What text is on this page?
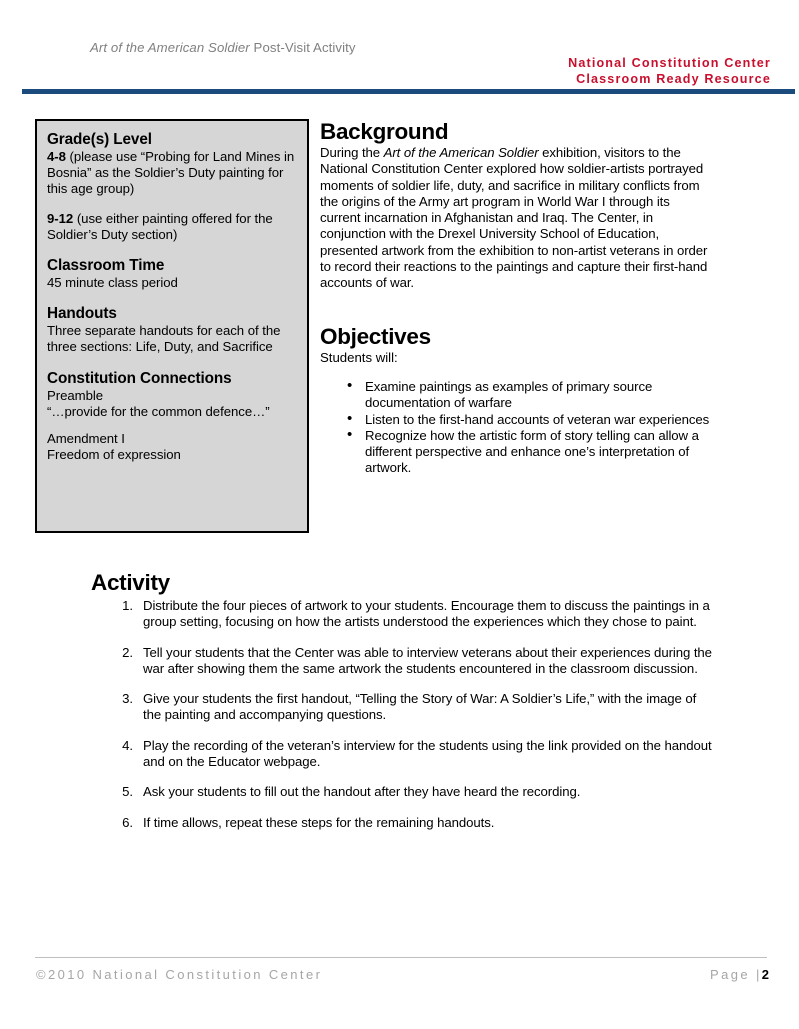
Art of the American Soldier Post-Visit Activity
National Constitution Center
Classroom Ready Resource
Grade(s) Level

4-8 (please use “Probing for Land Mines in Bosnia” as the Soldier’s Duty painting for this age group)

9-12 (use either painting offered for the Soldier’s Duty section)

Classroom Time

45 minute class period

Handouts

Three separate handouts for each of the three sections: Life, Duty, and Sacrifice

Constitution Connections

Preamble

“…provide for the common defence…”

Amendment I

Freedom of expression

Background

During the Art of the American Soldier exhibition, visitors to the National Constitution Center explored how soldier-artists portrayed moments of soldier life, duty, and sacrifice in military conflicts from the origins of the Army art program in World War I through its current incarnation in Afghanistan and Iraq. The Center, in conjunction with the Drexel University School of Education, presented artwork from the exhibition to non-artist veterans in order to record their reactions to the paintings and capture their first-hand accounts of war.

Objectives

Students will:

• Examine paintings as examples of primary source documentation of warfare
• Listen to the first-hand accounts of veteran war experiences
• Recognize how the artistic form of story telling can allow a different perspective and enhance one’s interpretation of artwork.
Activity
1. Distribute the four pieces of artwork to your students. Encourage them to discuss the paintings in a group setting, focusing on how the artists understood the experiences which they chose to paint.
2. Tell your students that the Center was able to interview veterans about their experiences during the war after showing them the same artwork the students encountered in the classroom discussion.
3. Give your students the first handout, “Telling the Story of War: A Soldier’s Life,” with the image of the painting and accompanying questions.
4. Play the recording of the veteran’s interview for the students using the link provided on the handout and on the Educator webpage.
5. Ask your students to fill out the handout after they have heard the recording.
6. If time allows, repeat these steps for the remaining handouts.
©2010 National Constitution Center	Page |2
